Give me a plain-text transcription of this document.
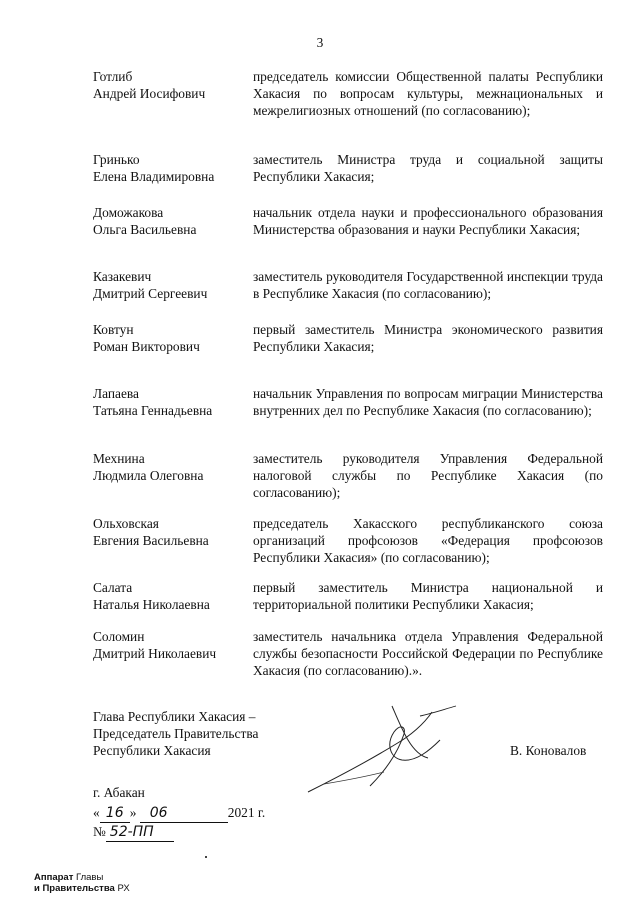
3
Готлиб
Андрей Иосифович
председатель комиссии Общественной палаты Республики Хакасия по вопросам культуры, межнациональных и межрелигиозных отношений (по согласованию);
Гринько
Елена Владимировна
заместитель Министра труда и социальной защиты Республики Хакасия;
Доможакова
Ольга Васильевна
начальник отдела науки и профессионального образования Министерства образования и науки Республики Хакасия;
Казакевич
Дмитрий Сергеевич
заместитель руководителя Государственной инспекции труда в Республике Хакасия (по согласованию);
Ковтун
Роман Викторович
первый заместитель Министра экономического развития Республики Хакасия;
Лапаева
Татьяна Геннадьевна
начальник Управления по вопросам миграции Министерства внутренних дел по Республике Хакасия (по согласованию);
Мехнина
Людмила Олеговна
заместитель руководителя Управления Федеральной налоговой службы по Республике Хакасия (по согласованию);
Ольховская
Евгения Васильевна
председатель Хакасского республиканского союза организаций профсоюзов «Федерация профсоюзов Республики Хакасия» (по согласованию);
Салата
Наталья Николаевна
первый заместитель Министра национальной и территориальной политики Республики Хакасия;
Соломин
Дмитрий Николаевич
заместитель начальника отдела Управления Федеральной службы безопасности Российской Федерации по Республике Хакасия (по согласованию).».
Глава Республики Хакасия –
Председатель Правительства
Республики Хакасия	В. Коновалов
г. Абакан
« 16 » 06	2021 г.
№ 52-ПП
Аппарат Главы
и Правительства РХ
